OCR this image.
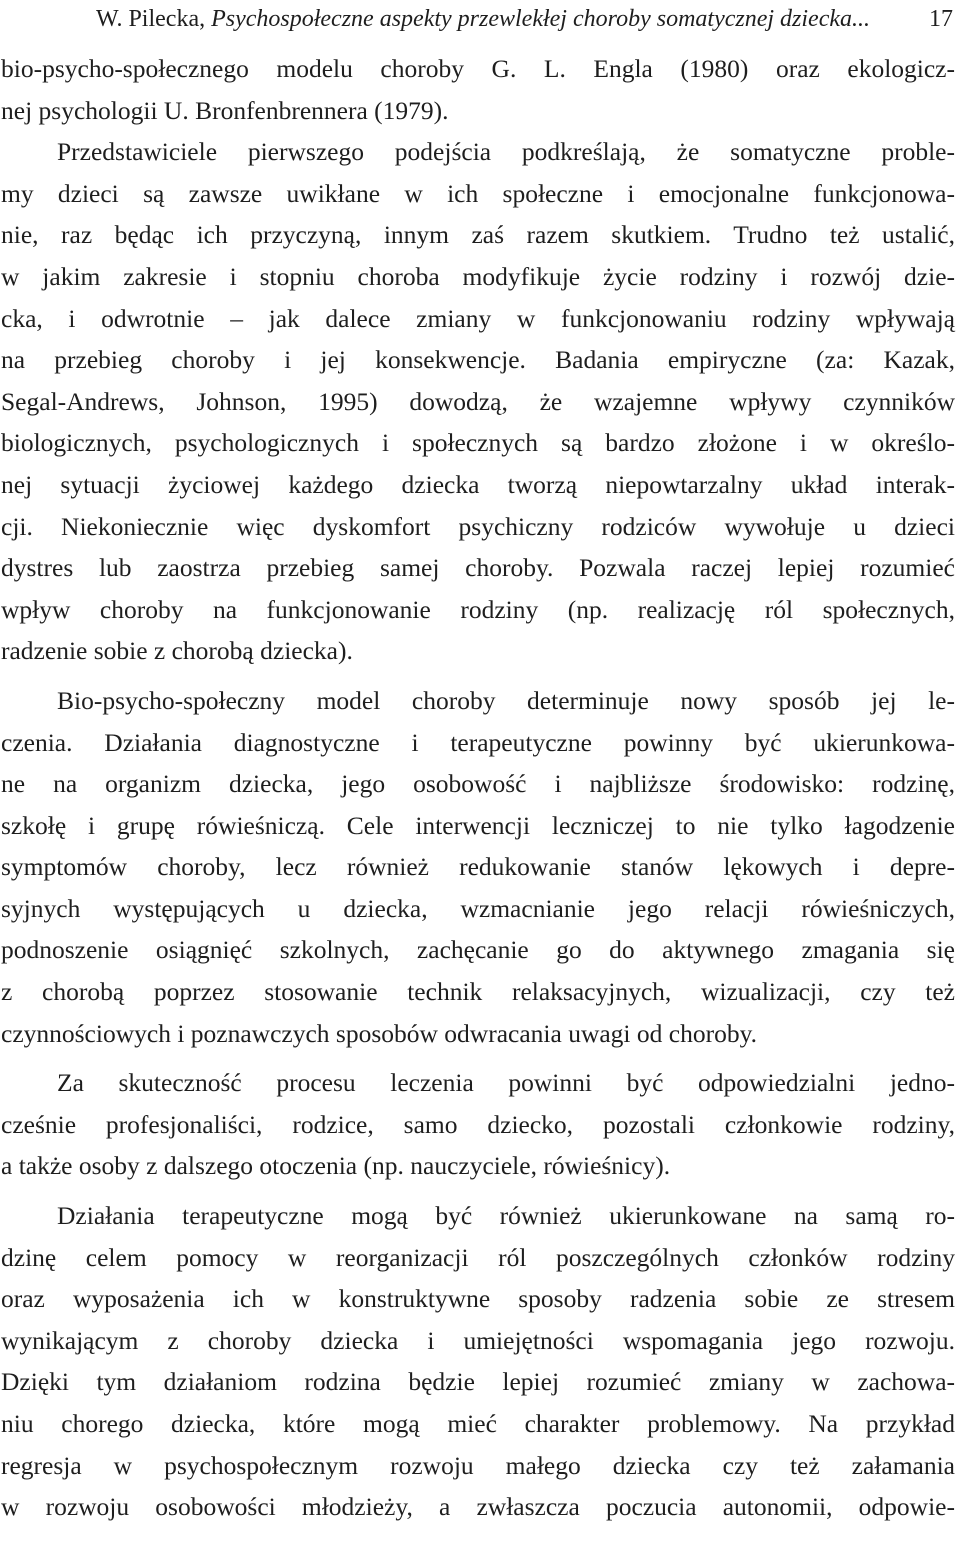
W. Pilecka, Psychospołeczne aspekty przewlekłej choroby somatycznej dziecka... 17
bio-psycho-społecznego modelu choroby G. L. Engla (1980) oraz ekologicz-
nej psychologii U. Bronfenbrennera (1979).
Przedstawiciele pierwszego podejścia podkreślają, że somatyczne proble-
my dzieci są zawsze uwikłane w ich społeczne i emocjonalne funkcjonowa-
nie, raz będąc ich przyczyną, innym zaś razem skutkiem. Trudno też ustalić,
w jakim zakresie i stopniu choroba modyfikuje życie rodziny i rozwój dzie-
cka, i odwrotnie – jak dalece zmiany w funkcjonowaniu rodziny wpływają
na przebieg choroby i jej konsekwencje. Badania empiryczne (za: Kazak,
Segal-Andrews, Johnson, 1995) dowodzą, że wzajemne wpływy czynników
biologicznych, psychologicznych i społecznych są bardzo złożone i w określo-
nej sytuacji życiowej każdego dziecka tworzą niepowtarzalny układ interak-
cji. Niekoniecznie więc dyskomfort psychiczny rodziców wywołuje u dzieci
dystres lub zaostrza przebieg samej choroby. Pozwala raczej lepiej rozumieć
wpływ choroby na funkcjonowanie rodziny (np. realizację ról społecznych,
radzenie sobie z chorobą dziecka).
Bio-psycho-społeczny model choroby determinuje nowy sposób jej le-
czenia. Działania diagnostyczne i terapeutyczne powinny być ukierunkowa-
ne na organizm dziecka, jego osobowość i najbliższe środowisko: rodzinę,
szkołę i grupę rówieśniczą. Cele interwencji leczniczej to nie tylko łagodzenie
symptomów choroby, lecz również redukowanie stanów lękowych i depre-
syjnych występujących u dziecka, wzmacnianie jego relacji rówieśniczych,
podnoszenie osiągnięć szkolnych, zachęcanie go do aktywnego zmagania się
z chorobą poprzez stosowanie technik relaksacyjnych, wizualizacji, czy też
czynnościowych i poznawczych sposobów odwracania uwagi od choroby.
Za skuteczność procesu leczenia powinni być odpowiedzialni jedno-
cześnie profesjonaliści, rodzice, samo dziecko, pozostali członkowie rodziny,
a także osoby z dalszego otoczenia (np. nauczyciele, rówieśnicy).
Działania terapeutyczne mogą być również ukierunkowane na samą ro-
dzinę celem pomocy w reorganizacji ról poszczególnych członków rodziny
oraz wyposażenia ich w konstruktywne sposoby radzenia sobie ze stresem
wynikającym z choroby dziecka i umiejętności wspomagania jego rozwoju.
Dzięki tym działaniom rodzina będzie lepiej rozumieć zmiany w zachowa-
niu chorego dziecka, które mogą mieć charakter problemowy. Na przykład
regresja w psychospołecznym rozwoju małego dziecka czy też załamania
w rozwoju osobowości młodzieży, a zwłaszcza poczucia autonomii, odpowie-
